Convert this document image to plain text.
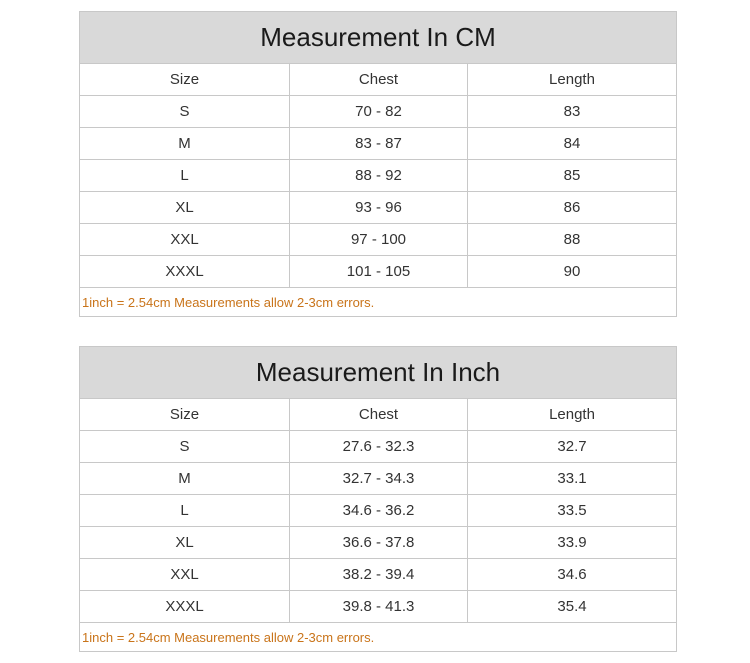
Measurement In CM		
Size	Chest	Length
S	70 - 82	83
M	83 - 87	84
L	88 - 92	85
XL	93 - 96	86
XXL	97 - 100	88
XXXL	101 - 105	90
1inch = 2.54cm Measurements allow 2-3cm errors.		
Measurement In Inch		
Size	Chest	Length
S	27.6 - 32.3	32.7
M	32.7 - 34.3	33.1
L	34.6 - 36.2	33.5
XL	36.6 - 37.8	33.9
XXL	38.2 - 39.4	34.6
XXXL	39.8 - 41.3	35.4
1inch = 2.54cm Measurements allow 2-3cm errors.		
